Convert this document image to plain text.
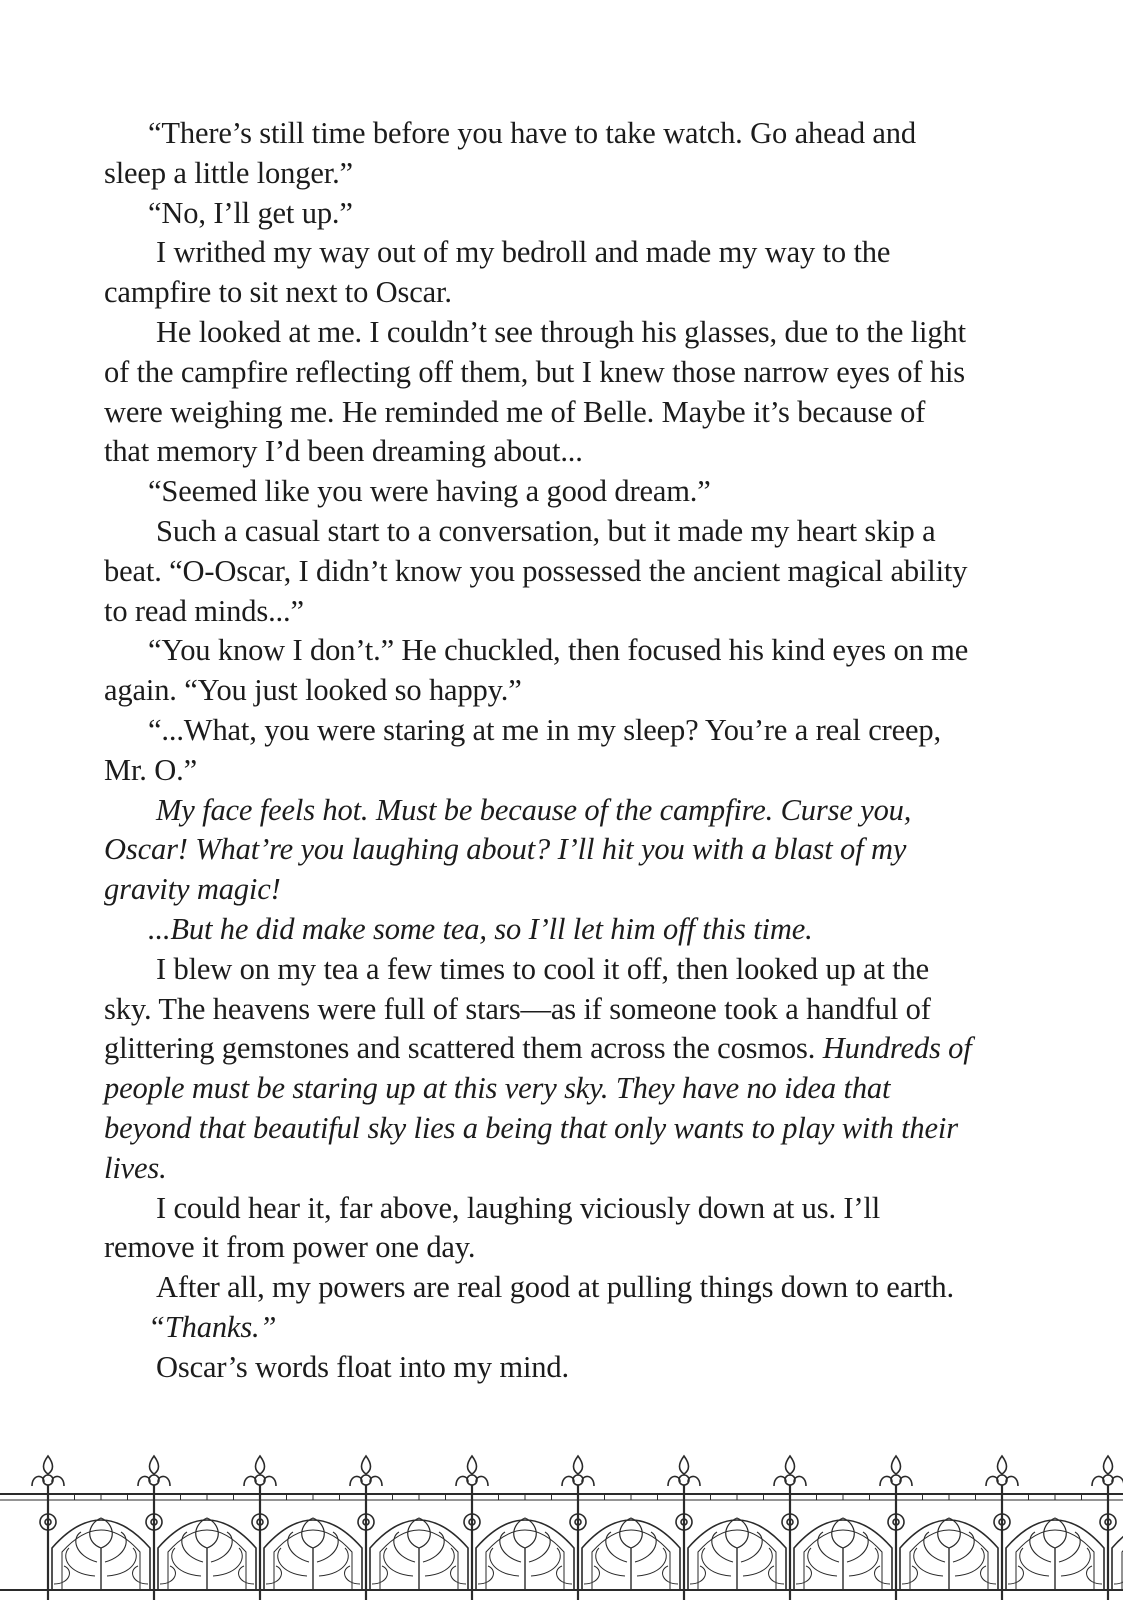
“There’s still time before you have to take watch. Go ahead and sleep a little longer.”

“No, I’ll get up.”

I writhed my way out of my bedroll and made my way to the campfire to sit next to Oscar.

He looked at me. I couldn’t see through his glasses, due to the light of the campfire reflecting off them, but I knew those narrow eyes of his were weighing me. He reminded me of Belle. Maybe it’s because of that memory I’d been dreaming about...

“Seemed like you were having a good dream.”

Such a casual start to a conversation, but it made my heart skip a beat. “O-Oscar, I didn’t know you possessed the ancient magical ability to read minds...”

“You know I don’t.” He chuckled, then focused his kind eyes on me again. “You just looked so happy.”

“...What, you were staring at me in my sleep? You’re a real creep, Mr. O.”

My face feels hot. Must be because of the campfire. Curse you, Oscar! What’re you laughing about? I’ll hit you with a blast of my gravity magic!

...But he did make some tea, so I’ll let him off this time.

I blew on my tea a few times to cool it off, then looked up at the sky. The heavens were full of stars—as if someone took a handful of glittering gemstones and scattered them across the cosmos. Hundreds of people must be staring up at this very sky. They have no idea that beyond that beautiful sky lies a being that only wants to play with their lives.

I could hear it, far above, laughing viciously down at us. I’ll remove it from power one day.

After all, my powers are real good at pulling things down to earth.

“Thanks.”

Oscar’s words float into my mind.
